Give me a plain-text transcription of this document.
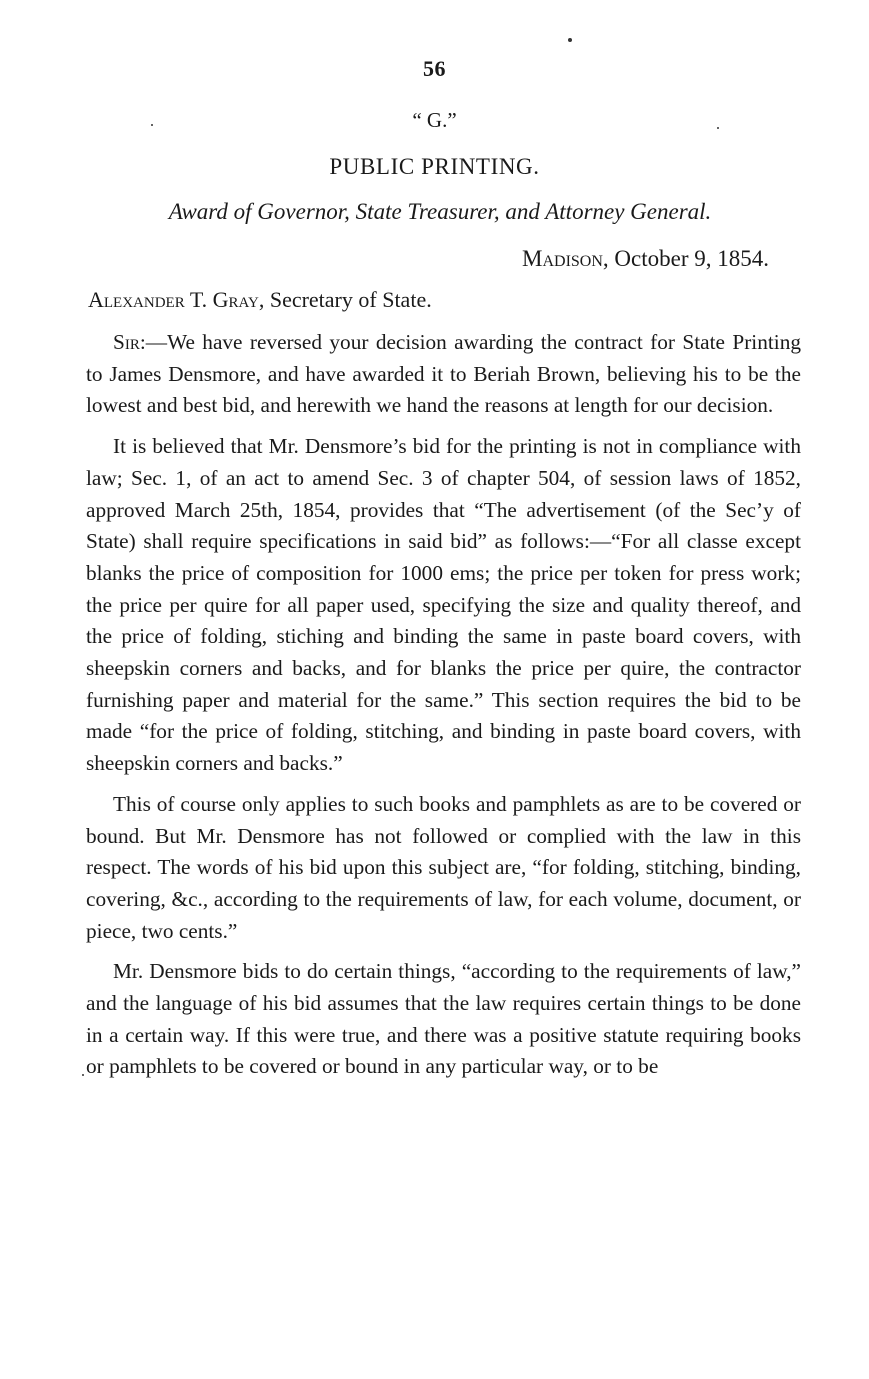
56
“ G.”
PUBLIC PRINTING.
Award of Governor, State Treasurer, and Attorney General.
Madison, October 9, 1854.
Alexander T. Gray, Secretary of State.

Sir:—We have reversed your decision awarding the contract for State Printing to James Densmore, and have awarded it to Beriah Brown, believing his to be the lowest and best bid, and herewith we hand the reasons at length for our decision.

It is believed that Mr. Densmore’s bid for the printing is not in compliance with law; Sec. 1, of an act to amend Sec. 3 of chapter 504, of session laws of 1852, approved March 25th, 1854, provides that “The advertisement (of the Sec’y of State) shall require specifications in said bid” as follows:—“For all classe except blanks the price of composition for 1000 ems; the price per token for press work; the price per quire for all paper used, specifying the size and quality thereof, and the price of folding, stiching and binding the same in paste board covers, with sheepskin corners and backs, and for blanks the price per quire, the contractor furnishing paper and material for the same.” This section requires the bid to be made “for the price of folding, stitching, and binding in paste board covers, with sheepskin corners and backs.”

This of course only applies to such books and pamphlets as are to be covered or bound. But Mr. Densmore has not followed or complied with the law in this respect. The words of his bid upon this subject are, “for folding, stitching, binding, covering, &c., according to the requirements of law, for each volume, document, or piece, two cents.”

Mr. Densmore bids to do certain things, “according to the requirements of law,” and the language of his bid assumes that the law requires certain things to be done in a certain way. If this were true, and there was a positive statute requiring books or pamphlets to be covered or bound in any particular way, or to be
